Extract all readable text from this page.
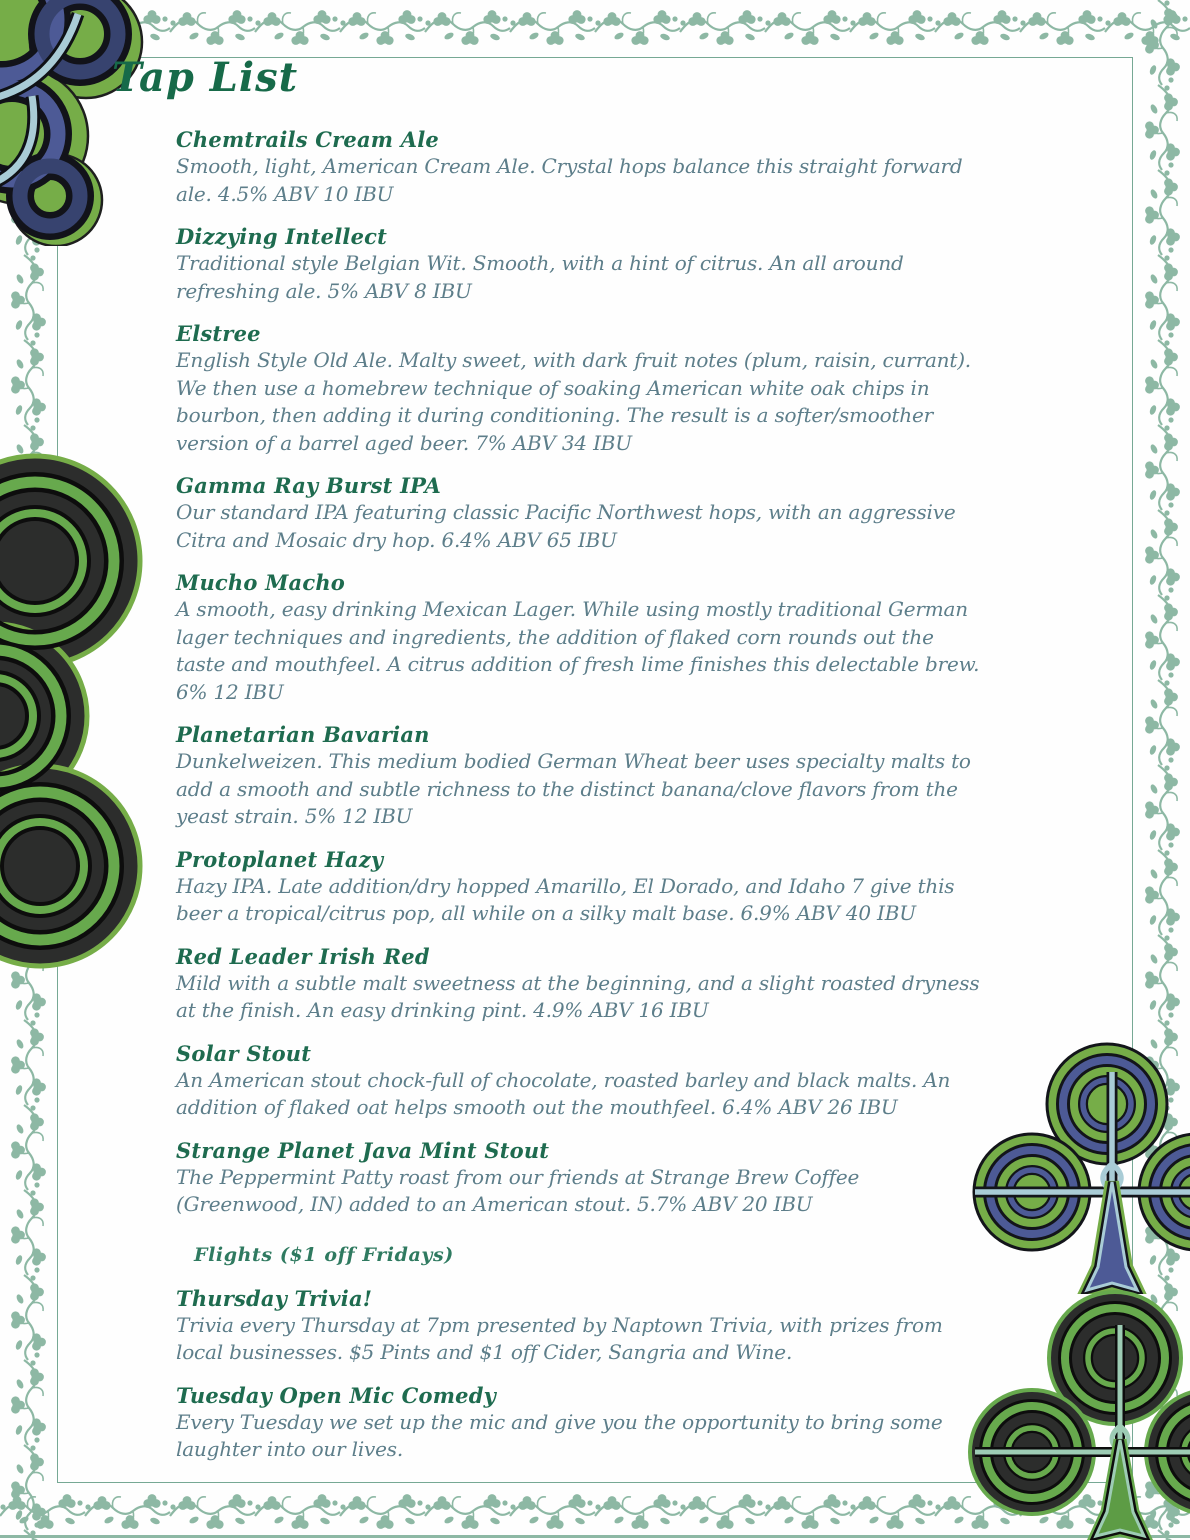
Tap List
Chemtrails Cream Ale

Smooth, light, American Cream Ale. Crystal hops balance this straight forward ale. 4.5% ABV 10 IBU

Dizzying Intellect

Traditional style Belgian Wit. Smooth, with a hint of citrus. An all around refreshing ale. 5% ABV 8 IBU

Elstree

English Style Old Ale. Malty sweet, with dark fruit notes (plum, raisin, currant). We then use a homebrew technique of soaking American white oak chips in bourbon, then adding it during conditioning. The result is a softer/smoother version of a barrel aged beer. 7% ABV 34 IBU

Gamma Ray Burst IPA

Our standard IPA featuring classic Pacific Northwest hops, with an aggressive Citra and Mosaic dry hop. 6.4% ABV 65 IBU

Mucho Macho

A smooth, easy drinking Mexican Lager. While using mostly traditional German lager techniques and ingredients, the addition of flaked corn rounds out the taste and mouthfeel. A citrus addition of fresh lime finishes this delectable brew. 6% 12 IBU

Planetarian Bavarian

Dunkelweizen. This medium bodied German Wheat beer uses specialty malts to add a smooth and subtle richness to the distinct banana/clove flavors from the yeast strain. 5% 12 IBU

Protoplanet Hazy

Hazy IPA. Late addition/dry hopped Amarillo, El Dorado, and Idaho 7 give this beer a tropical/citrus pop, all while on a silky malt base. 6.9% ABV 40 IBU

Red Leader Irish Red

Mild with a subtle malt sweetness at the beginning, and a slight roasted dryness at the finish. An easy drinking pint. 4.9% ABV 16 IBU

Solar Stout

An American stout chock-full of chocolate, roasted barley and black malts. An addition of flaked oat helps smooth out the mouthfeel. 6.4% ABV 26 IBU

Strange Planet Java Mint Stout

The Peppermint Patty roast from our friends at Strange Brew Coffee (Greenwood, IN) added to an American stout. 5.7% ABV 20 IBU

Flights ($1 off Fridays)

Thursday Trivia!

Trivia every Thursday at 7pm presented by Naptown Trivia, with prizes from local businesses. $5 Pints and $1 off Cider, Sangria and Wine.

Tuesday Open Mic Comedy

Every Tuesday we set up the mic and give you the opportunity to bring some laughter into our lives.
